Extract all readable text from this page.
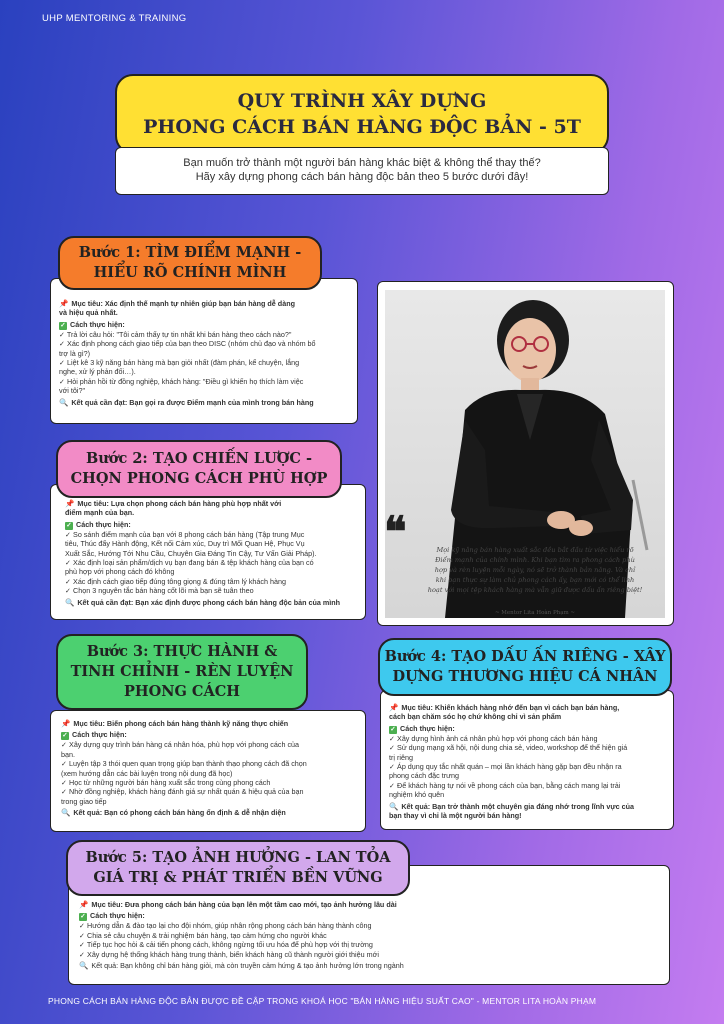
UHP MENTORING & TRAINING
QUY TRÌNH XÂY DỰNG
PHONG CÁCH BÁN HÀNG ĐỘC BẢN - 5T
Bạn muốn trở thành một người bán hàng khác biệt & không thể thay thế?
Hãy xây dựng phong cách bán hàng độc bản theo 5 bước dưới đây!
📌 Mục tiêu: Xác định thế mạnh tự nhiên giúp bạn bán hàng dễ dàng
và hiệu quả nhất.
✓ Cách thực hiện:
✓ Trả lời câu hỏi: "Tôi cảm thấy tự tin nhất khi bán hàng theo cách nào?"
✓ Xác định phong cách giao tiếp của bạn theo DISC (nhóm chủ đạo và nhóm bổ
trợ là gì?)
✓ Liệt kê 3 kỹ năng bán hàng mà bạn giỏi nhất (đàm phán, kể chuyện, lắng
nghe, xử lý phản đối…).
✓ Hỏi phản hồi từ đồng nghiệp, khách hàng: "Điều gì khiến họ thích làm việc
với tôi?"
🔍 Kết quả cần đạt: Bạn gọi ra được Điểm mạnh của mình trong bán hàng
Bước 1: TÌM ĐIỂM MẠNH -
HIỂU RÕ CHÍNH MÌNH
📌 Mục tiêu: Lựa chọn phong cách bán hàng phù hợp nhất với
điểm mạnh của bạn.
✓ Cách thực hiện:
✓ So sánh điểm mạnh của bạn với 8 phong cách bán hàng (Tập trung Mục
tiêu, Thúc đẩy Hành động, Kết nối Cảm xúc, Duy trì Mối Quan Hệ, Phục Vụ
Xuất Sắc, Hướng Tới Nhu Cầu, Chuyên Gia Đáng Tin Cậy, Tư Vấn Giải Pháp).
✓ Xác định loại sản phẩm/dịch vụ bạn đang bán & tệp khách hàng của bạn có
phù hợp với phong cách đó không
✓ Xác định cách giao tiếp đúng tông giọng & đúng tâm lý khách hàng
✓ Chọn 3 nguyên tắc bán hàng cốt lõi mà bạn sẽ tuân theo
🔍 Kết quả cần đạt: Bạn xác định được phong cách bán hàng độc bản của mình
Bước 2: TẠO CHIẾN LƯỢC -
CHỌN PHONG CÁCH PHÙ HỢP
❝	Mọi kỹ năng bán hàng xuất sắc đều bắt đầu từ việc hiểu rõ
Điểm mạnh của chính mình. Khi bạn tìm ra phong cách phù
hợp và rèn luyện mỗi ngày, nó sẽ trở thành bản năng. Và chỉ
khi bạn thực sự làm chủ phong cách ấy, bạn mới có thể linh
hoạt với mọi tệp khách hàng mà vẫn giữ được dấu ấn riêng biệt!
~ Mentor Lita Hoàn Phạm ~
📌 Mục tiêu: Biến phong cách bán hàng thành kỹ năng thực chiến
✓ Cách thực hiện:
✓ Xây dựng quy trình bán hàng cá nhân hóa, phù hợp với phong cách của
bạn.
✓ Luyện tập 3 thói quen quan trọng giúp bạn thành thạo phong cách đã chọn
(xem hướng dẫn các bài luyện trong nội dung đã học)
✓ Học từ những người bán hàng xuất sắc trong cùng phong cách
✓ Nhờ đồng nghiệp, khách hàng đánh giá sự nhất quán & hiệu quả của bạn
trong giao tiếp
🔍 Kết quả: Bạn có phong cách bán hàng ổn định & dễ nhận diện
Bước 3: THỰC HÀNH &
TINH CHỈNH - RÈN LUYỆN
PHONG CÁCH
📌 Mục tiêu: Khiến khách hàng nhớ đến bạn vì cách bạn bán hàng,
cách bạn chăm sóc họ chứ không chỉ vì sản phẩm
✓ Cách thực hiện:
✓ Xây dựng hình ảnh cá nhân phù hợp với phong cách bán hàng
✓ Sử dụng mạng xã hội, nội dung chia sẻ, video, workshop để thể hiện giá
trị riêng
✓ Áp dụng quy tắc nhất quán – mọi lần khách hàng gặp bạn đều nhận ra
phong cách đặc trưng
✓ Để khách hàng tự nói về phong cách của bạn, bằng cách mang lại trải
nghiệm khó quên
🔍 Kết quả: Bạn trở thành một chuyên gia đáng nhớ trong lĩnh vực của
bạn thay vì chỉ là một người bán hàng!
Bước 4: TẠO DẤU ẤN RIÊNG - XÂY
DỰNG THƯƠNG HIỆU CÁ NHÂN
📌 Mục tiêu: Đưa phong cách bán hàng của bạn lên một tầm cao mới, tạo ảnh hưởng lâu dài
✓ Cách thực hiện:
✓ Hướng dẫn & đào tạo lại cho đội nhóm, giúp nhân rộng phong cách bán hàng thành công
✓ Chia sẻ câu chuyện & trải nghiệm bán hàng, tạo cảm hứng cho người khác
✓ Tiếp tục học hỏi & cải tiến phong cách, không ngừng tối ưu hóa để phù hợp với thị trường
✓ Xây dựng hệ thống khách hàng trung thành, biến khách hàng cũ thành người giới thiệu mới
🔍 Kết quả: Bạn không chỉ bán hàng giỏi, mà còn truyền cảm hứng & tạo ảnh hưởng lớn trong ngành
Bước 5: TẠO ẢNH HƯỞNG - LAN TỎA
GIÁ TRỊ & PHÁT TRIỂN BỀN VỮNG
PHONG CÁCH BÁN HÀNG ĐỘC BẢN ĐƯỢC ĐỀ CẬP TRONG KHOÁ HỌC "BÁN HÀNG HIỆU SUẤT CAO" - MENTOR LITA HOÀN PHẠM
